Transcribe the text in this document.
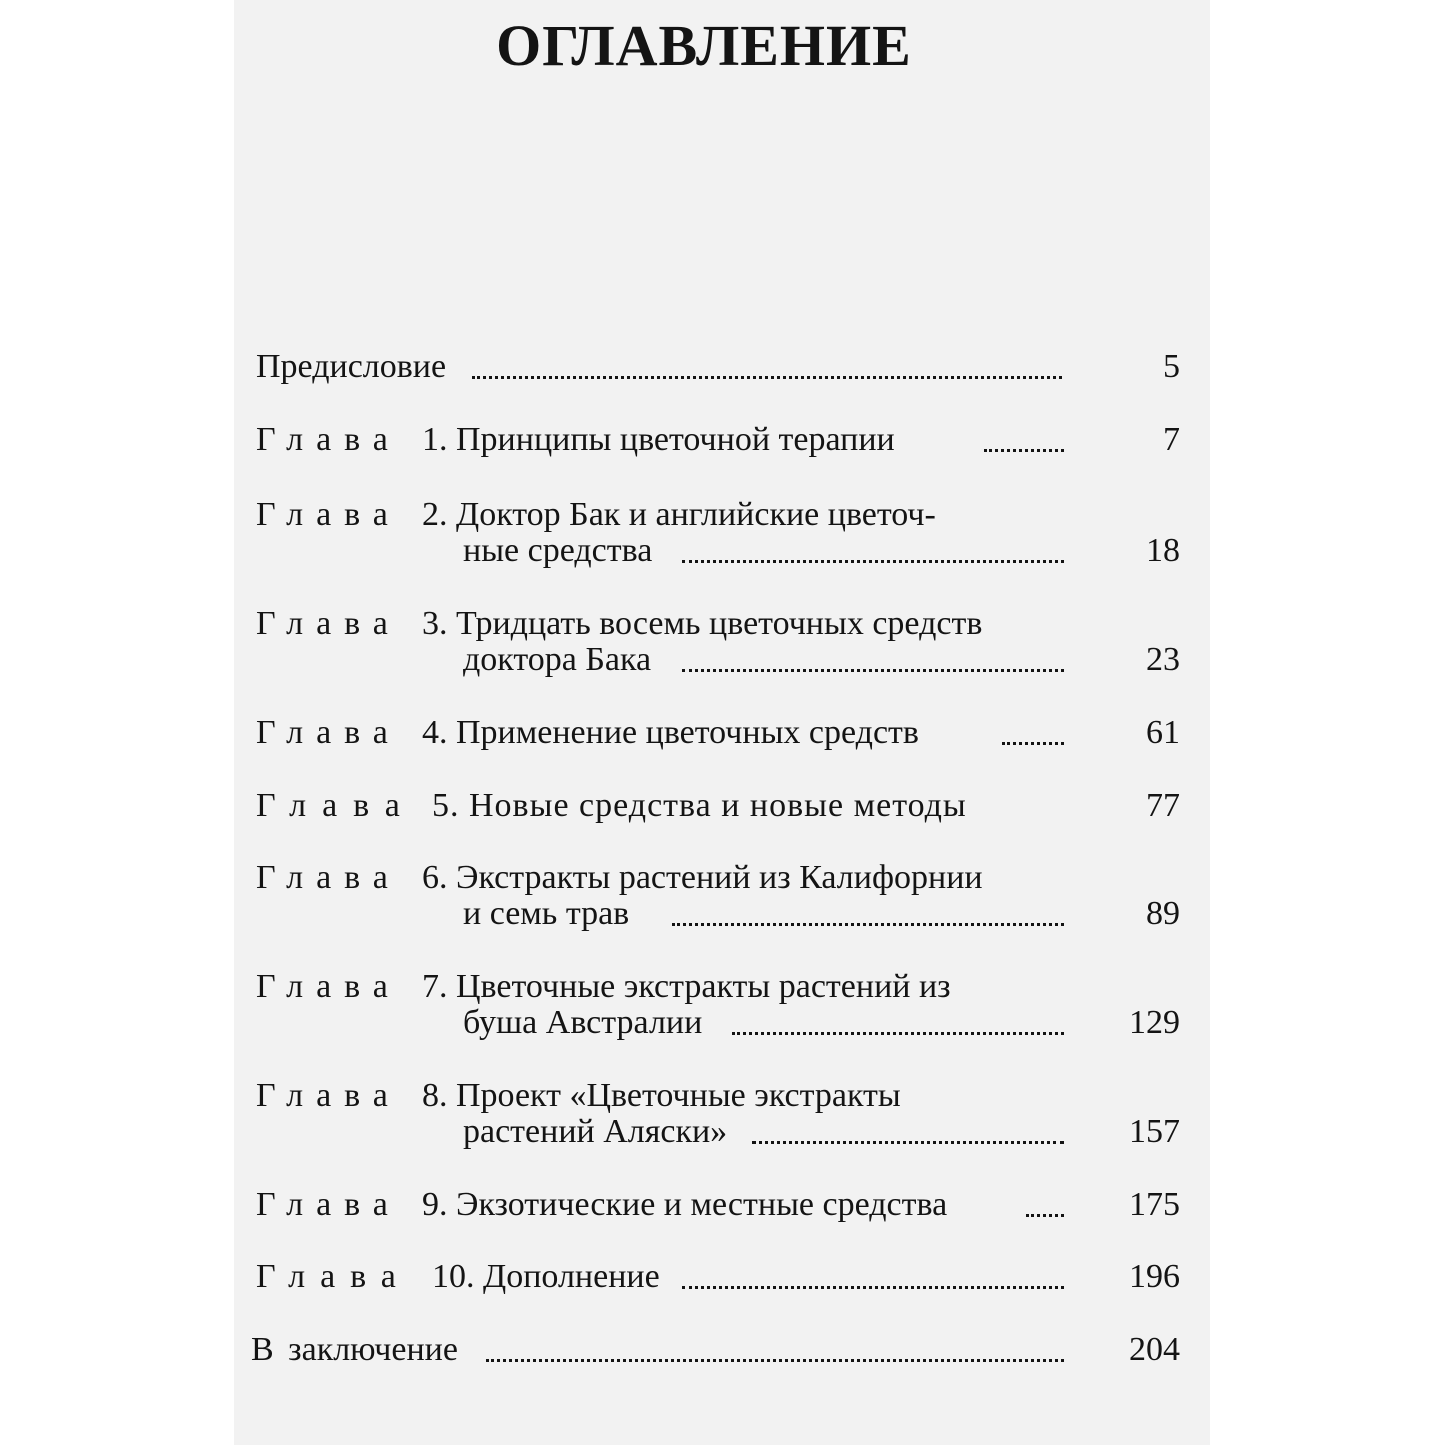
ОГЛАВЛЕНИЕ
Предисловие	5
Глава 1. Принципы цветочной терапии	7
Глава 2. Доктор Бак и английские цветоч-
ные средства	18
Глава 3. Тридцать восемь цветочных средств
доктора Бака	23
Глава 4. Применение цветочных средств	61
Глава 5. Новые средства и новые методы	77
Глава 6. Экстракты растений из Калифорнии
и семь трав	89
Глава 7. Цветочные экстракты растений из
буша Австралии	129
Глава 8. Проект «Цветочные экстракты
растений Аляски»	157
Глава 9. Экзотические и местные средства	175
Глава 10. Дополнение	196
В заключение	204
